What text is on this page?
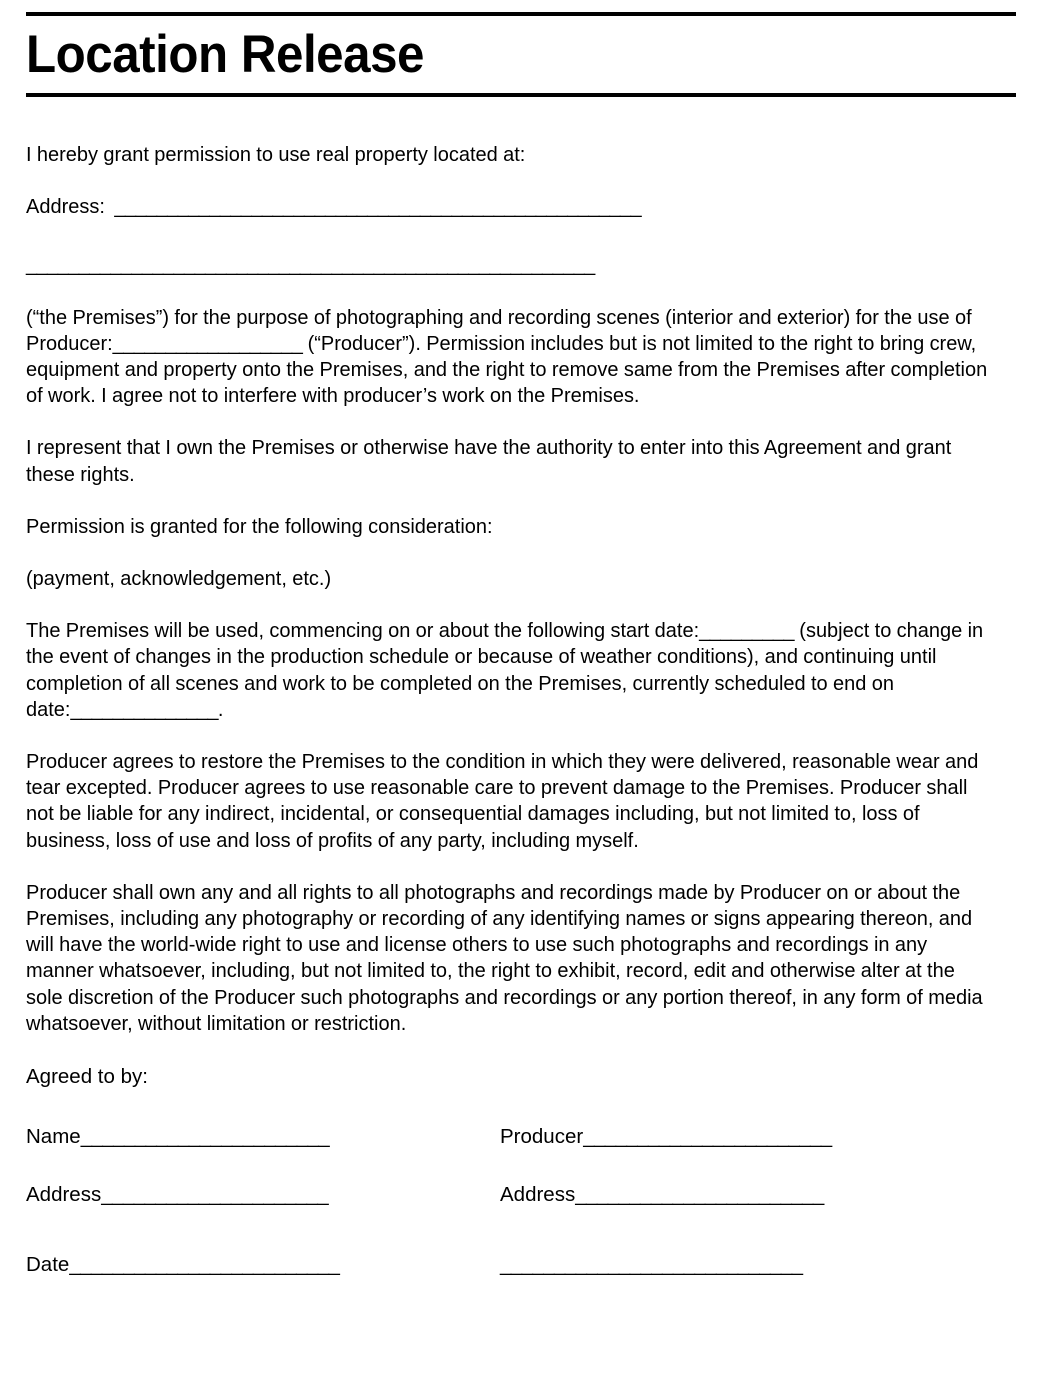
Location Release

I hereby grant permission to use real property located at:

Address:  __________________________________________________

______________________________________________________

(“the Premises”) for the purpose of photographing and recording scenes (interior and exterior) for the use of Producer:__________________ (“Producer”). Permission includes but is not limited to the right to bring crew, equipment and property onto the Premises, and the right to remove same from the Premises after completion of work. I agree not to interfere with producer’s work on the Premises.

I represent that I own the Premises or otherwise have the authority to enter into this Agreement and grant these rights.

Permission is granted for the following consideration:

(payment, acknowledgement, etc.)

The Premises will be used, commencing on or about the following start date:_________ (subject to change in the event of changes in the production schedule or because of weather conditions), and continuing until completion of all scenes and work to be completed on the Premises, currently scheduled to end on date:______________.

Producer agrees to restore the Premises to the condition in which they were delivered, reasonable wear and tear excepted. Producer agrees to use reasonable care to prevent damage to the Premises. Producer shall not be liable for any indirect, incidental, or consequential damages including, but not limited to, loss of business, loss of use and loss of profits of any party, including myself.

Producer shall own any and all rights to all photographs and recordings made by Producer on or about the Premises, including any photography or recording of any identifying names or signs appearing thereon, and will have the world-wide right to use and license others to use such photographs and recordings in any manner whatsoever, including, but not limited to, the right to exhibit, record, edit and otherwise alter at the sole discretion of the Producer such photographs and recordings or any portion thereof, in any form of media whatsoever, without limitation or restriction.

Agreed to by:
Name_______________________	Producer_______________________
Address_____________________	Address_______________________
Date_________________________	____________________________
